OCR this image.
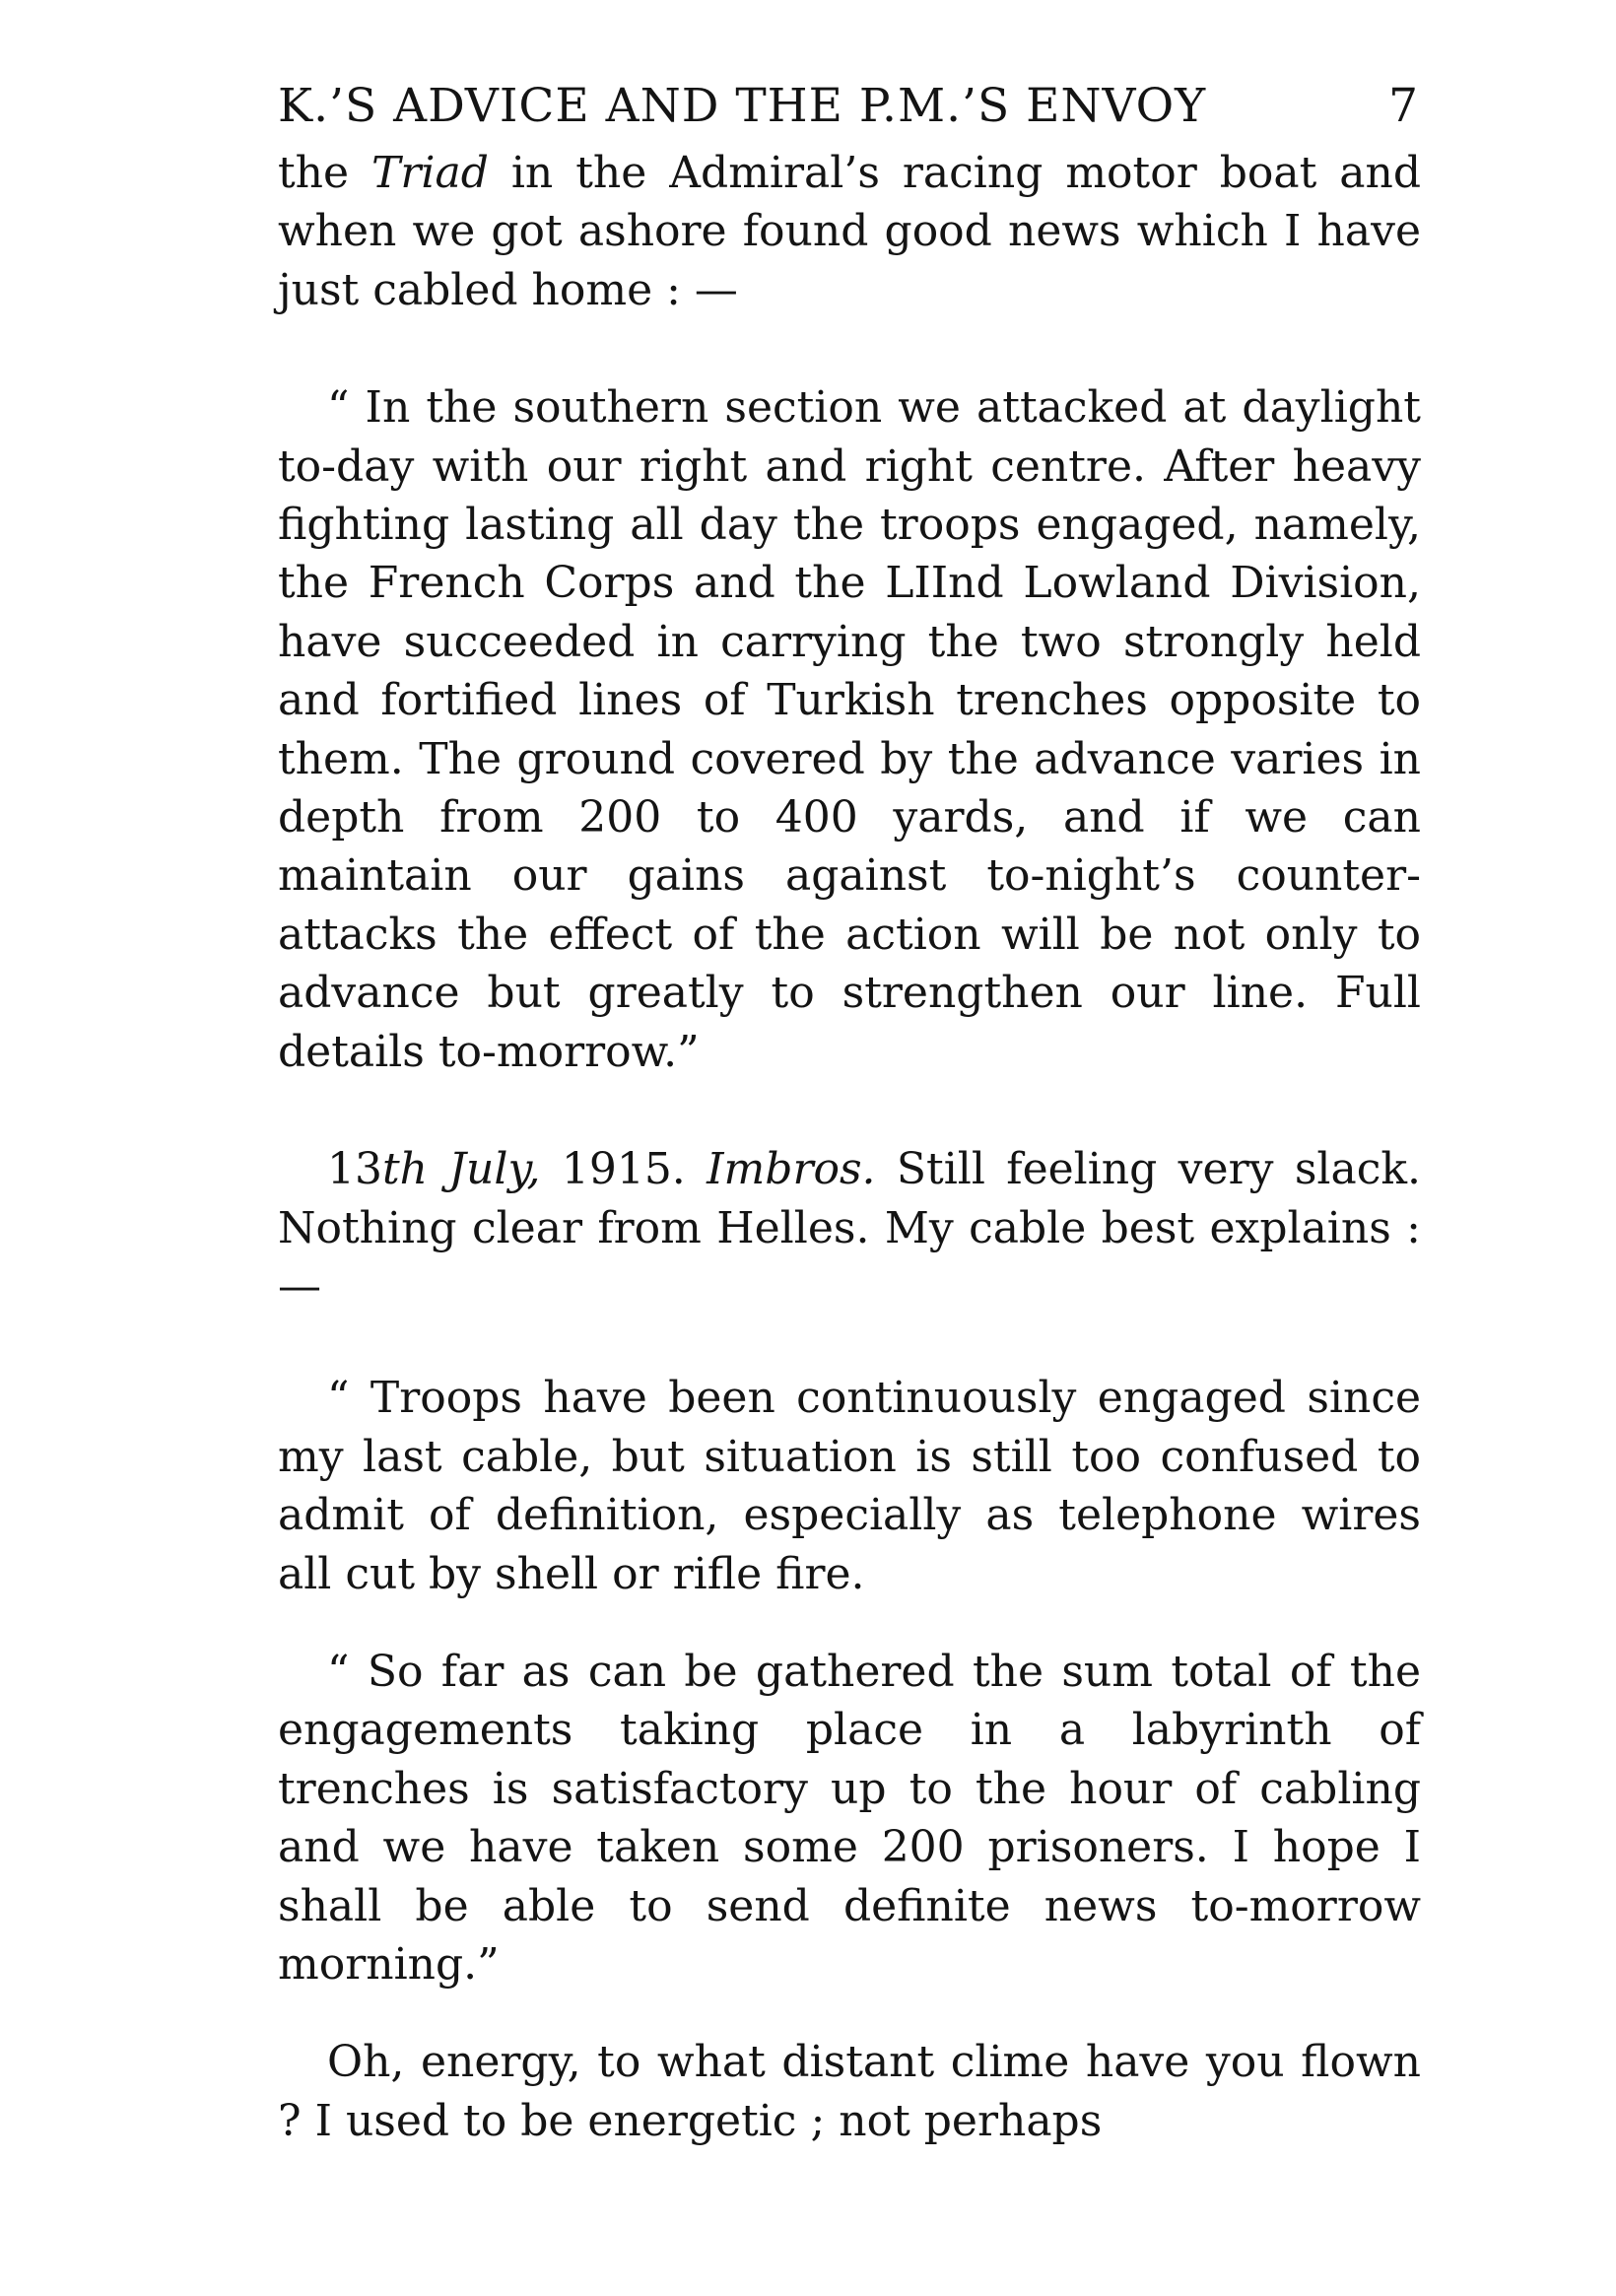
K.’S ADVICE AND THE P.M.’S ENVOY	7

the Triad in the Admiral’s racing motor boat and when we got ashore found good news which I have just cabled home : —

“ In the southern section we attacked at daylight to-day with our right and right centre. After heavy fighting lasting all day the troops engaged, namely, the French Corps and the LIInd Lowland Division, have succeeded in carrying the two strongly held and fortified lines of Turkish trenches opposite to them. The ground covered by the advance varies in depth from 200 to 400 yards, and if we can maintain our gains against to-night’s counter-attacks the effect of the action will be not only to advance but greatly to strengthen our line. Full details to-morrow.”

13th July, 1915. Imbros. Still feeling very slack. Nothing clear from Helles. My cable best explains : —

“ Troops have been continuously engaged since my last cable, but situation is still too confused to admit of definition, especially as telephone wires all cut by shell or rifle fire.

“ So far as can be gathered the sum total of the engagements taking place in a labyrinth of trenches is satisfactory up to the hour of cabling and we have taken some 200 prisoners. I hope I shall be able to send definite news to-morrow morning.”

Oh, energy, to what distant clime have you flown ? I used to be energetic ; not perhaps
